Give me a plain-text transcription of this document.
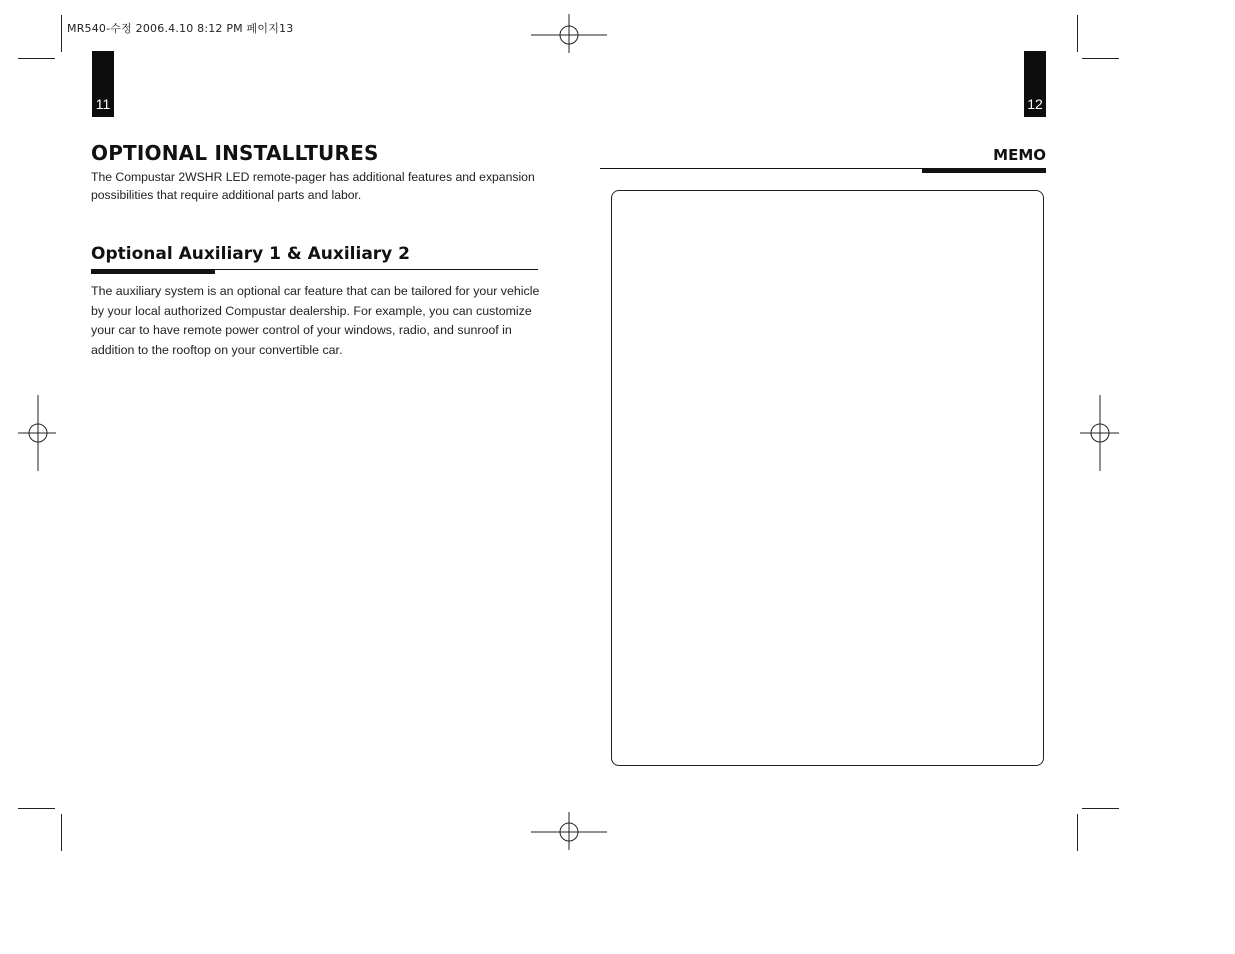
MR540-수정 2006.4.10 8:12 PM 페이지13
11
OPTIONAL INSTALLTURES
The Compustar 2WSHR LED remote-pager has additional features and expansion possibilities that require additional parts and labor.
Optional Auxiliary 1 & Auxiliary 2
The auxiliary system is an optional car feature that can be tailored for your vehicle by your local authorized Compustar dealership. For example, you can customize your car to have remote power control of your windows, radio, and sunroof in addition to the rooftop on your convertible car.
12
MEMO
